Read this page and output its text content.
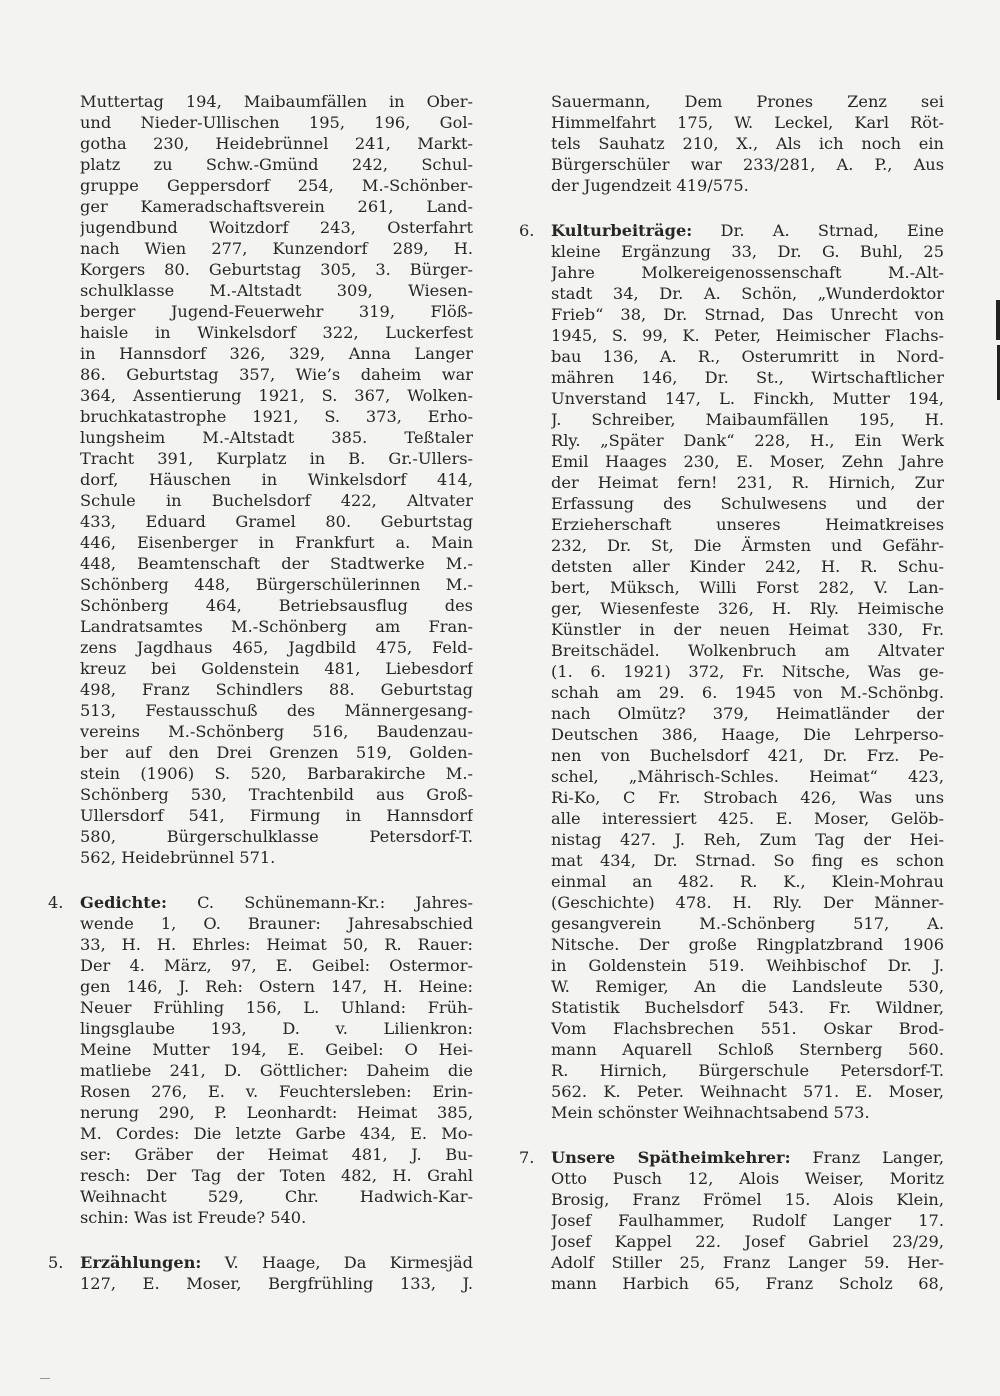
Muttertag 194, Maibaumfällen in Ober-
und Nieder-Ullischen 195, 196, Gol-
gotha 230, Heidebrünnel 241, Markt-
platz zu Schw.-Gmünd 242, Schul-
gruppe Geppersdorf 254, M.-Schönber-
ger Kameradschaftsverein 261, Land-
jugendbund Woitzdorf 243, Osterfahrt
nach Wien 277, Kunzendorf 289, H.
Korgers 80. Geburtstag 305, 3. Bürger-
schulklasse M.-Altstadt 309, Wiesen-
berger Jugend-Feuerwehr 319, Flöß-
haisle in Winkelsdorf 322, Luckerfest
in Hannsdorf 326, 329, Anna Langer
86. Geburtstag 357, Wie’s daheim war
364, Assentierung 1921, S. 367, Wolken-
bruchkatastrophe 1921, S. 373, Erho-
lungsheim M.-Altstadt 385. Teßtaler
Tracht 391, Kurplatz in B. Gr.-Ullers-
dorf, Häuschen in Winkelsdorf 414,
Schule in Buchelsdorf 422, Altvater
433, Eduard Gramel 80. Geburtstag
446, Eisenberger in Frankfurt a. Main
448, Beamtenschaft der Stadtwerke M.-
Schönberg 448, Bürgerschülerinnen M.-
Schönberg 464, Betriebsausflug des
Landratsamtes M.-Schönberg am Fran-
zens Jagdhaus 465, Jagdbild 475, Feld-
kreuz bei Goldenstein 481, Liebesdorf
498, Franz Schindlers 88. Geburtstag
513, Festausschuß des Männergesang-
vereins M.-Schönberg 516, Baudenzau-
ber auf den Drei Grenzen 519, Golden-
stein (1906) S. 520, Barbarakirche M.-
Schönberg 530, Trachtenbild aus Groß-
Ullersdorf 541, Firmung in Hannsdorf
580, Bürgerschulklasse Petersdorf-T.
562, Heidebrünnel 571.
4. Gedichte: C. Schünemann-Kr.: Jahres-
wende 1, O. Brauner: Jahresabschied
33, H. H. Ehrles: Heimat 50, R. Rauer:
Der 4. März, 97, E. Geibel: Ostermor-
gen 146, J. Reh: Ostern 147, H. Heine:
Neuer Frühling 156, L. Uhland: Früh-
lingsglaube 193, D. v. Lilienkron:
Meine Mutter 194, E. Geibel: O Hei-
matliebe 241, D. Göttlicher: Daheim die
Rosen 276, E. v. Feuchtersleben: Erin-
nerung 290, P. Leonhardt: Heimat 385,
M. Cordes: Die letzte Garbe 434, E. Mo-
ser: Gräber der Heimat 481, J. Bu-
resch: Der Tag der Toten 482, H. Grahl
Weihnacht 529, Chr. Hadwich-Kar-
schin: Was ist Freude? 540.
5. Erzählungen: V. Haage, Da Kirmesjäd
127, E. Moser, Bergfrühling 133, J.
Sauermann, Dem Prones Zenz sei
Himmelfahrt 175, W. Leckel, Karl Röt-
tels Sauhatz 210, X., Als ich noch ein
Bürgerschüler war 233/281, A. P., Aus
der Jugendzeit 419/575.
6. Kulturbeiträge: Dr. A. Strnad, Eine
kleine Ergänzung 33, Dr. G. Buhl, 25
Jahre Molkereigenossenschaft M.-Alt-
stadt 34, Dr. A. Schön, „Wunderdoktor
Frieb“ 38, Dr. Strnad, Das Unrecht von
1945, S. 99, K. Peter, Heimischer Flachs-
bau 136, A. R., Osterumritt in Nord-
mähren 146, Dr. St., Wirtschaftlicher
Unverstand 147, L. Finckh, Mutter 194,
J. Schreiber, Maibaumfällen 195, H.
Rly. „Später Dank“ 228, H., Ein Werk
Emil Haages 230, E. Moser, Zehn Jahre
der Heimat fern! 231, R. Hirnich, Zur
Erfassung des Schulwesens und der
Erzieherschaft unseres Heimatkreises
232, Dr. St, Die Ärmsten und Gefähr-
detsten aller Kinder 242, H. R. Schu-
bert, Müksch, Willi Forst 282, V. Lan-
ger, Wiesenfeste 326, H. Rly. Heimische
Künstler in der neuen Heimat 330, Fr.
Breitschädel. Wolkenbruch am Altvater
(1. 6. 1921) 372, Fr. Nitsche, Was ge-
schah am 29. 6. 1945 von M.-Schönbg.
nach Olmütz? 379, Heimatländer der
Deutschen 386, Haage, Die Lehrperso-
nen von Buchelsdorf 421, Dr. Frz. Pe-
schel, „Mährisch-Schles. Heimat“ 423,
Ri-Ko, C Fr. Strobach 426, Was uns
alle interessiert 425. E. Moser, Gelöb-
nistag 427. J. Reh, Zum Tag der Hei-
mat 434, Dr. Strnad. So fing es schon
einmal an 482. R. K., Klein-Mohrau
(Geschichte) 478. H. Rly. Der Männer-
gesangverein M.-Schönberg 517, A.
Nitsche. Der große Ringplatzbrand 1906
in Goldenstein 519. Weihbischof Dr. J.
W. Remiger, An die Landsleute 530,
Statistik Buchelsdorf 543. Fr. Wildner,
Vom Flachsbrechen 551. Oskar Brod-
mann Aquarell Schloß Sternberg 560.
R. Hirnich, Bürgerschule Petersdorf-T.
562. K. Peter. Weihnacht 571. E. Moser,
Mein schönster Weihnachtsabend 573.
7. Unsere Spätheimkehrer: Franz Langer,
Otto Pusch 12, Alois Weiser, Moritz
Brosig, Franz Frömel 15. Alois Klein,
Josef Faulhammer, Rudolf Langer 17.
Josef Kappel 22. Josef Gabriel 23/29,
Adolf Stiller 25, Franz Langer 59. Her-
mann Harbich 65, Franz Scholz 68,
